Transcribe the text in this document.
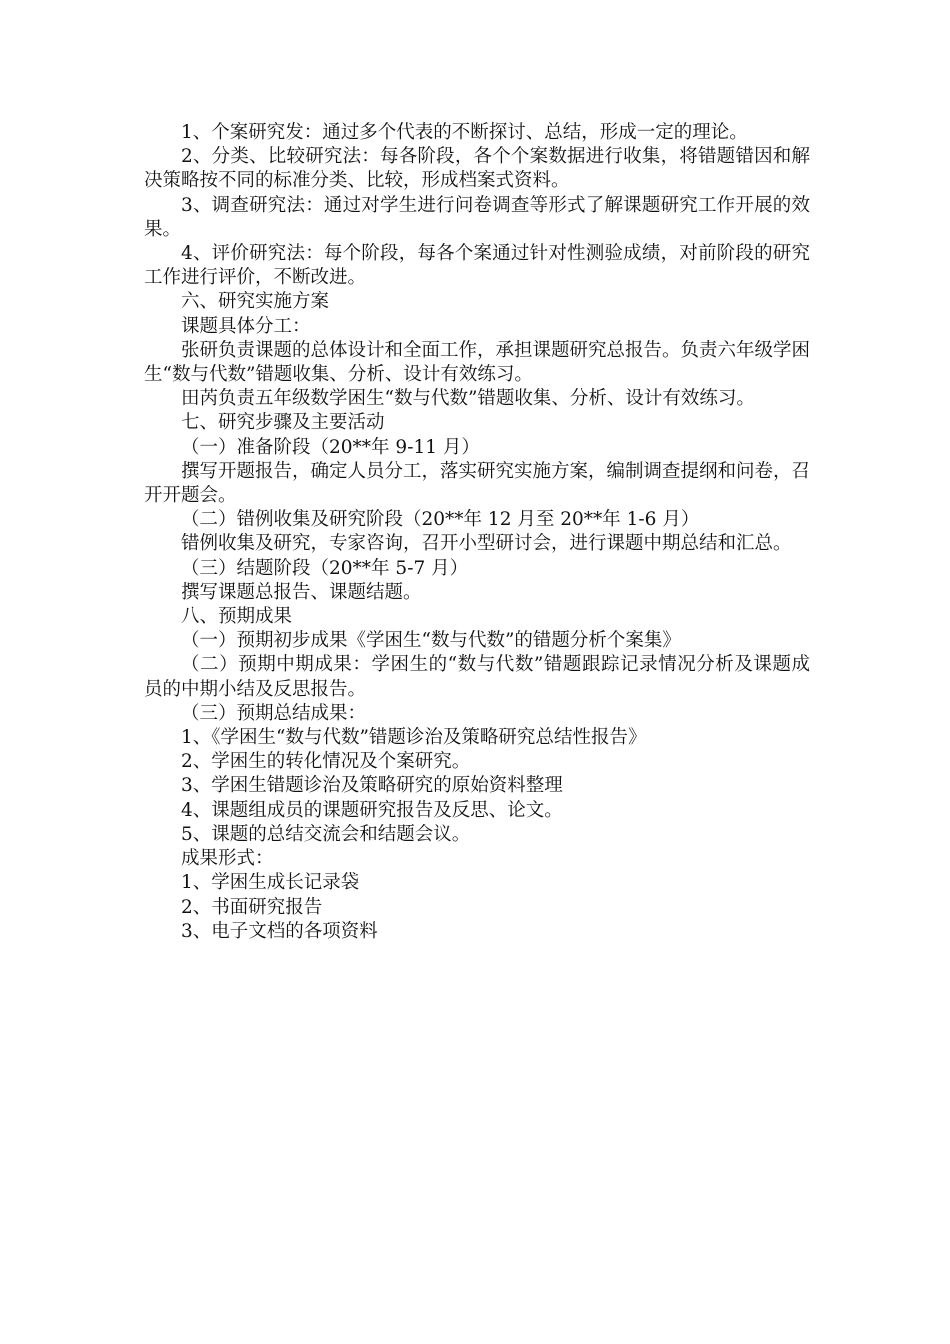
1、个案研究发：通过多个代表的不断探讨、总结，形成一定的理论。

2、分类、比较研究法：每各阶段，各个个案数据进行收集，将错题错因和解决策略按不同的标准分类、比较，形成档案式资料。

3、调查研究法：通过对学生进行问卷调查等形式了解课题研究工作开展的效果。

4、评价研究法：每个阶段，每各个案通过针对性测验成绩，对前阶段的研究工作进行评价，不断改进。

六、研究实施方案

课题具体分工：

张研负责课题的总体设计和全面工作，承担课题研究总报告。负责六年级学困生“数与代数”错题收集、分析、设计有效练习。

田芮负责五年级数学困生“数与代数”错题收集、分析、设计有效练习。

七、研究步骤及主要活动

（一）准备阶段（20**年 9-11 月）

撰写开题报告，确定人员分工，落实研究实施方案，编制调查提纲和问卷，召开开题会。

（二）错例收集及研究阶段（20**年 12 月至 20**年 1-6 月）

错例收集及研究，专家咨询，召开小型研讨会，进行课题中期总结和汇总。

（三）结题阶段（20**年 5-7 月）

撰写课题总报告、课题结题。

八、预期成果

（一）预期初步成果《学困生“数与代数”的错题分析个案集》

（二）预期中期成果：学困生的“数与代数”错题跟踪记录情况分析及课题成员的中期小结及反思报告。

（三）预期总结成果：

1、《学困生“数与代数”错题诊治及策略研究总结性报告》

2、学困生的转化情况及个案研究。

3、学困生错题诊治及策略研究的原始资料整理

4、课题组成员的课题研究报告及反思、论文。

5、课题的总结交流会和结题会议。

成果形式：

1、学困生成长记录袋

2、书面研究报告

3、电子文档的各项资料
